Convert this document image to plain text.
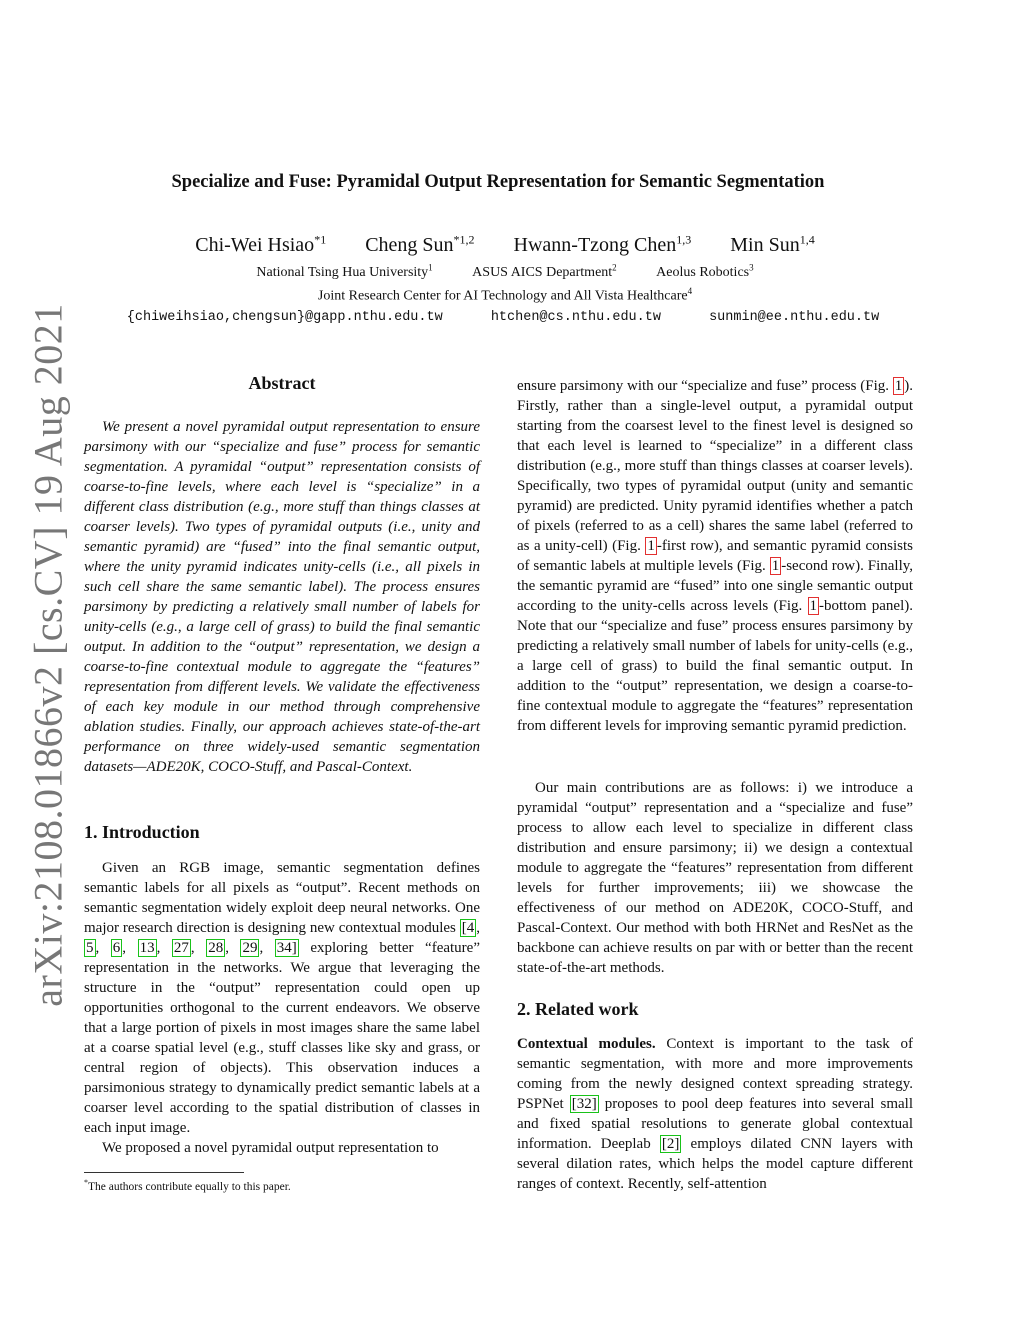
arXiv:2108.01866v2 [cs.CV] 19 Aug 2021
Specialize and Fuse: Pyramidal Output Representation for Semantic Segmentation
Chi-Wei Hsiao$^{*1}$ Cheng Sun$^{*1,2}$ Hwann-Tzong Chen$^{1,3}$ Min Sun$^{1,4}$
National Tsing Hua University$^1$	ASUS AICS Department$^2$	Aeolus Robotics$^3$
Joint Research Center for AI Technology and All Vista Healthcare$^4$
{chiweihsiao,chengsun}@gapp.nthu.edu.tw	htchen@cs.nthu.edu.tw	sunmin@ee.nthu.edu.tw
Abstract
We present a novel pyramidal output representation to ensure parsimony with our “specialize and fuse” process for semantic segmentation. A pyramidal “output” representation consists of coarse-to-fine levels, where each level is “specialize” in a different class distribution (e.g., more stuff than things classes at coarser levels). Two types of pyramidal outputs (i.e., unity and semantic pyramid) are “fused” into the final semantic output, where the unity pyramid indicates unity-cells (i.e., all pixels in such cell share the same semantic label). The process ensures parsimony by predicting a relatively small number of labels for unity-cells (e.g., a large cell of grass) to build the final semantic output. In addition to the “output” representation, we design a coarse-to-fine contextual module to aggregate the “features” representation from different levels. We validate the effectiveness of each key module in our method through comprehensive ablation studies. Finally, our approach achieves state-of-the-art performance on three widely-used semantic segmentation datasets—ADE20K, COCO-Stuff, and Pascal-Context.
1. Introduction
Given an RGB image, semantic segmentation defines semantic labels for all pixels as “output”. Recent methods on semantic segmentation widely exploit deep neural networks. One major research direction is designing new contextual modules [4 , 5 , 6 , 13 , 27 , 28 , 29 , 34] exploring better “feature” representation in the networks. We argue that leveraging the structure in the “output” representation could open up opportunities orthogonal to the current endeavors. We observe that a large portion of pixels in most images share the same label at a coarse spatial level (e.g., stuff classes like sky and grass, or central region of objects). This observation induces a parsimonious strategy to dynamically predict semantic labels at a coarser level according to the spatial distribution of classes in each input image.
We proposed a novel pyramidal output representation to
*The authors contribute equally to this paper.
ensure parsimony with our “specialize and fuse” process (Fig. 1 ). Firstly, rather than a single-level output, a pyramidal output starting from the coarsest level to the finest level is designed so that each level is learned to “specialize” in a different class distribution (e.g., more stuff than things classes at coarser levels). Specifically, two types of pyramidal output (unity and semantic pyramid) are predicted. Unity pyramid identifies whether a patch of pixels (referred to as a cell) shares the same label (referred to as a unity-cell) (Fig. 1 -first row), and semantic pyramid consists of semantic labels at multiple levels (Fig. 1 -second row). Finally, the semantic pyramid are “fused” into one single semantic output according to the unity-cells across levels (Fig. 1 -bottom panel). Note that our “specialize and fuse” process ensures parsimony by predicting a relatively small number of labels for unity-cells (e.g., a large cell of grass) to build the final semantic output. In addition to the “output” representation, we design a coarse-to-fine contextual module to aggregate the “features” representation from different levels for improving semantic pyramid prediction.
Our main contributions are as follows: i) we introduce a pyramidal “output” representation and a “specialize and fuse” process to allow each level to specialize in different class distribution and ensure parsimony; ii) we design a contextual module to aggregate the “features” representation from different levels for further improvements; iii) we showcase the effectiveness of our method on ADE20K, COCO-Stuff, and Pascal-Context. Our method with both HRNet and ResNet as the backbone can achieve results on par with or better than the recent state-of-the-art methods.
2. Related work
Contextual modules. Context is important to the task of semantic segmentation, with more and more improvements coming from the newly designed context spreading strategy. PSPNet [32] proposes to pool deep features into several small and fixed spatial resolutions to generate global contextual information. Deeplab [2] employs dilated CNN layers with several dilation rates, which helps the model capture different ranges of context. Recently, self-attention
